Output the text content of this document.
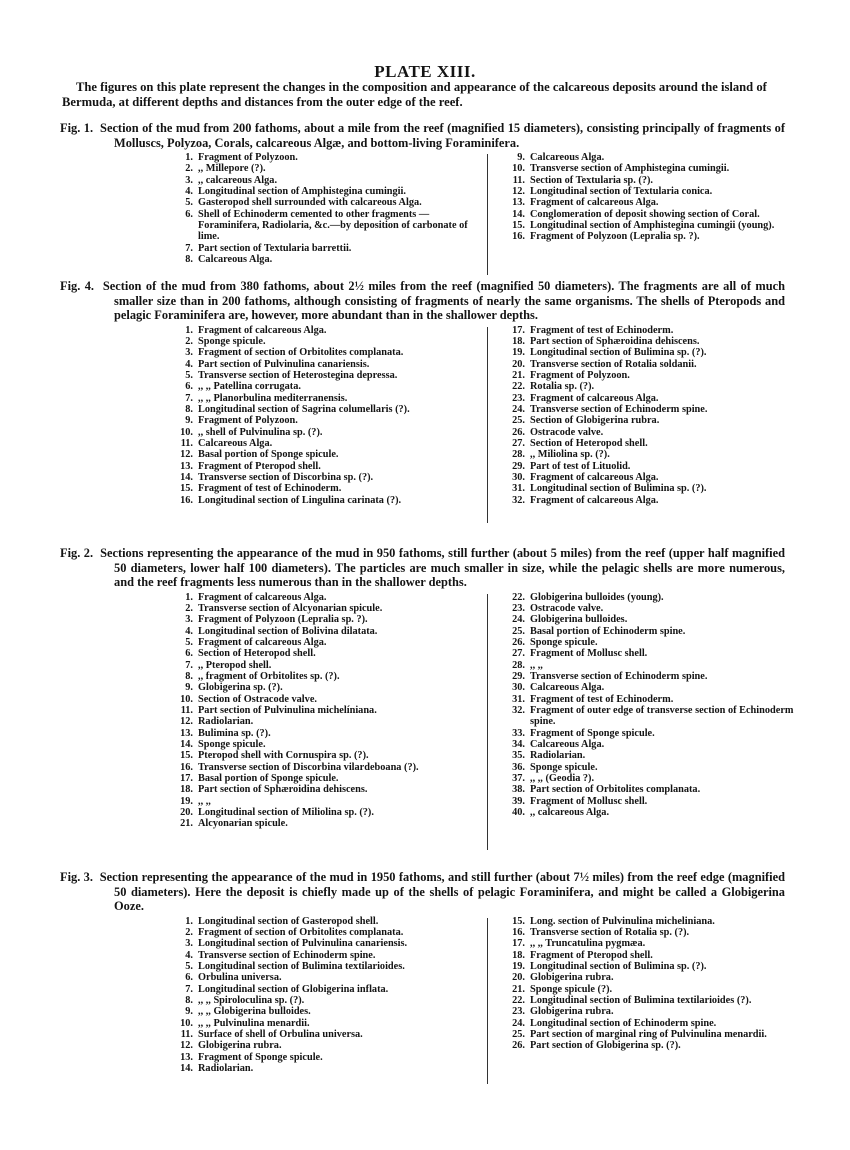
PLATE XIII.
The figures on this plate represent the changes in the composition and appearance of the calcareous deposits around the island of Bermuda, at different depths and distances from the outer edge of the reef.
Fig. 1. Section of the mud from 200 fathoms, about a mile from the reef (magnified 15 diameters), consisting principally of fragments of Molluscs, Polyzoa, Corals, calcareous Algæ, and bottom-living Foraminifera.
1. Fragment of Polyzoon.
2. ,, Millepore (?).
3. ,, calcareous Alga.
4. Longitudinal section of Amphistegina cumingii.
5. Gasteropod shell surrounded with calcareous Alga.
6. Shell of Echinoderm cemented to other fragments — Foraminifera, Radiolaria, &c.—by deposition of carbonate of lime.
7. Part section of Textularia barrettii.
8. Calcareous Alga.
9. Calcareous Alga.
10. Transverse section of Amphistegina cumingii.
11. Section of Textularia sp. (?).
12. Longitudinal section of Textularia conica.
13. Fragment of calcareous Alga.
14. Conglomeration of deposit showing section of Coral.
15. Longitudinal section of Amphistegina cumingii (young).
16. Fragment of Polyzoon (Lepralia sp. ?).
Fig. 4. Section of the mud from 380 fathoms, about 2½ miles from the reef (magnified 50 diameters). The fragments are all of much smaller size than in 200 fathoms, although consisting of fragments of nearly the same organisms. The shells of Pteropods and pelagic Foraminifera are, however, more abundant than in the shallower depths.
1. Fragment of calcareous Alga.
2. Sponge spicule.
3. Fragment of section of Orbitolites complanata.
4. Part section of Pulvinulina canariensis.
5. Transverse section of Heterostegina depressa.
6. ,, ,, Patellina corrugata.
7. ,, ,, Planorbulina mediterranensis.
8. Longitudinal section of Sagrina columellaris (?).
9. Fragment of Polyzoon.
10. ,, shell of Pulvinulina sp. (?).
11. Calcareous Alga.
12. Basal portion of Sponge spicule.
13. Fragment of Pteropod shell.
14. Transverse section of Discorbina sp. (?).
15. Fragment of test of Echinoderm.
16. Longitudinal section of Lingulina carinata (?).
17. Fragment of test of Echinoderm.
18. Part section of Sphæroidina dehiscens.
19. Longitudinal section of Bulimina sp. (?).
20. Transverse section of Rotalia soldanii.
21. Fragment of Polyzoon.
22. Rotalia sp. (?).
23. Fragment of calcareous Alga.
24. Transverse section of Echinoderm spine.
25. Section of Globigerina rubra.
26. Ostracode valve.
27. Section of Heteropod shell.
28. ,, Miliolina sp. (?).
29. Part of test of Lituolid.
30. Fragment of calcareous Alga.
31. Longitudinal section of Bulimina sp. (?).
32. Fragment of calcareous Alga.
Fig. 2. Sections representing the appearance of the mud in 950 fathoms, still further (about 5 miles) from the reef (upper half magnified 50 diameters, lower half 100 diameters). The particles are much smaller in size, while the pelagic shells are more numerous, and the reef fragments less numerous than in the shallower depths.
1. Fragment of calcareous Alga.
2. Transverse section of Alcyonarian spicule.
3. Fragment of Polyzoon (Lepralia sp. ?).
4. Longitudinal section of Bolivina dilatata.
5. Fragment of calcareous Alga.
6. Section of Heteropod shell.
7. ,, Pteropod shell.
8. ,, fragment of Orbitolites sp. (?).
9. Globigerina sp. (?).
10. Section of Ostracode valve.
11. Part section of Pulvinulina michelíniana.
12. Radiolarian.
13. Bulimina sp. (?).
14. Sponge spicule.
15. Pteropod shell with Cornuspira sp. (?).
16. Transverse section of Discorbina vilardeboana (?).
17. Basal portion of Sponge spicule.
18. Part section of Sphæroidina dehiscens.
19. ,, ,,
20. Longitudinal section of Miliolina sp. (?).
21. Alcyonarian spicule.
22. Globigerina bulloides (young).
23. Ostracode valve.
24. Globigerina bulloides.
25. Basal portion of Echinoderm spine.
26. Sponge spicule.
27. Fragment of Mollusc shell.
28. ,, ,,
29. Transverse section of Echinoderm spine.
30. Calcareous Alga.
31. Fragment of test of Echinoderm.
32. Fragment of outer edge of transverse section of Echinoderm spine.
33. Fragment of Sponge spicule.
34. Calcareous Alga.
35. Radiolarian.
36. Sponge spicule.
37. ,, ,, (Geodia ?).
38. Part section of Orbitolites complanata.
39. Fragment of Mollusc shell.
40. ,, calcareous Alga.
Fig. 3. Section representing the appearance of the mud in 1950 fathoms, and still further (about 7½ miles) from the reef edge (magnified 50 diameters). Here the deposit is chiefly made up of the shells of pelagic Foraminifera, and might be called a Globigerina Ooze.
1. Longitudinal section of Gasteropod shell.
2. Fragment of section of Orbitolites complanata.
3. Longitudinal section of Pulvinulina canariensis.
4. Transverse section of Echinoderm spine.
5. Longitudinal section of Bulimina textilarioides.
6. Orbulina universa.
7. Longitudinal section of Globigerina inflata.
8. ,, ,, Spiroloculina sp. (?).
9. ,, ,, Globigerina bulloides.
10. ,, ,, Pulvinulina menardii.
11. Surface of shell of Orbulina universa.
12. Globigerina rubra.
13. Fragment of Sponge spicule.
14. Radiolarian.
15. Long. section of Pulvinulina micheliniana.
16. Transverse section of Rotalia sp. (?).
17. ,, ,, Truncatulina pygmæa.
18. Fragment of Pteropod shell.
19. Longitudinal section of Bulimina sp. (?).
20. Globigerina rubra.
21. Sponge spicule (?).
22. Longitudinal section of Bulimina textilarioides (?).
23. Globigerina rubra.
24. Longitudinal section of Echinoderm spine.
25. Part section of marginal ring of Pulvinulina menardii.
26. Part section of Globigerina sp. (?).
